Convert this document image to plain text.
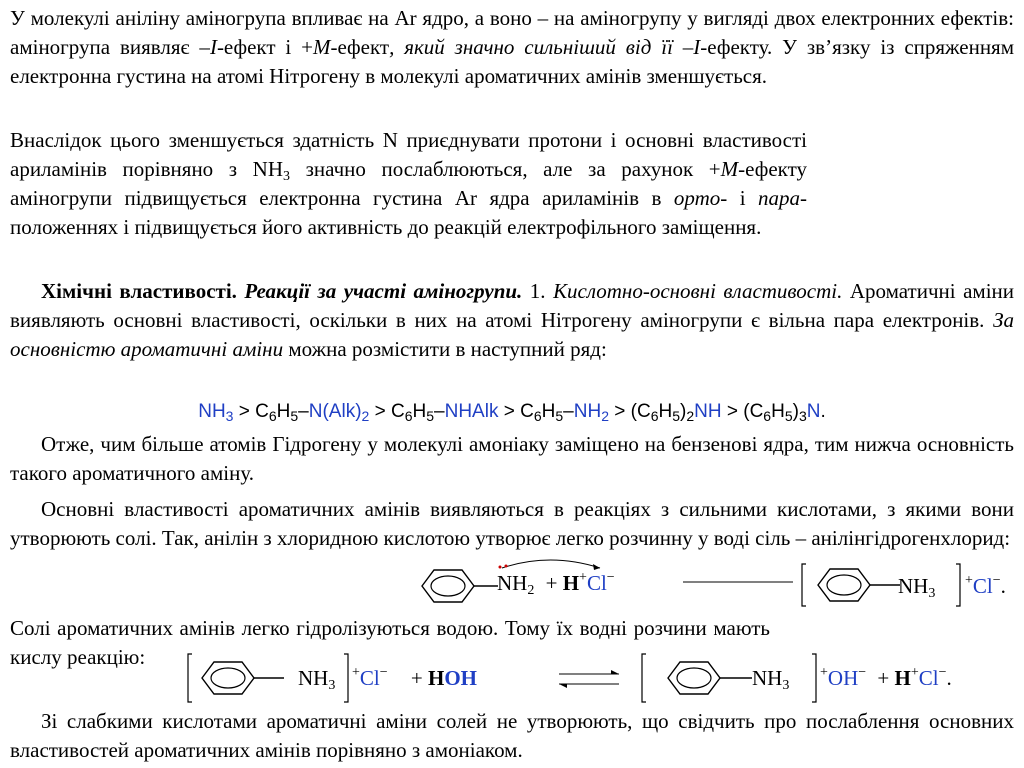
У молекулі аніліну аміногрупа впливає на Ar ядро, а воно – на аміногрупу у вигляді двох електронних ефектів: аміногрупа виявляє –I-ефект і +M-ефект, який значно сильніший від її –I-ефекту. У зв’язку із спряженням електронна густина на атомі Нітрогену в молекулі ароматичних амінів зменшується.

Внаслідок цього зменшується здатність N приєднувати протони і основні властивості ариламінів порівняно з $NH_3$ значно послаблюються, але за рахунок +M-ефекту аміногрупи підвищується електронна густина Ar ядра ариламінів в орто- і пара-положеннях і підвищується його активність до реакцій електрофільного заміщення.

Хімічні властивості. Реакції за участі аміногрупи. 1. Кислотно-основні властивості. Ароматичні аміни виявляють основні властивості, оскільки в них на атомі Нітрогену аміногрупи є вільна пара електронів. За основністю ароматичні аміни можна розмістити в наступний ряд:

$NH_3 > C_6H_5-N(Alk)_2$ > $C_6H_5$–NHAlk > $C_6H_5-NH_2 > (C_6H_5)_2NH > (C_6H_5)_3N$.

Отже, чим більше атомів Гідрогену у молекулі амоніаку заміщено на бензенові ядра, тим нижча основність такого ароматичного аміну.

Основні властивості ароматичних амінів виявляються в реакціях з сильними кислотами, з якими вони утворюють солі. Так, анілін з хлоридною кислотою утворює легко розчинну у воді сіль – анілінгідрогенхлорид:

$NH_2 + H^+Cl^-$	$NH_3$
+Cl−.

Солі ароматичних амінів легко гідролізуються водою. Тому їх водні розчини мають кислу реакцію:

$NH_3$
+Cl− + HOH	$NH_3$
+OH− + H+Cl−.

Зі слабкими кислотами ароматичні аміни солей не утворюють, що свідчить про послаблення основних властивостей ароматичних амінів порівняно з амоніаком.
